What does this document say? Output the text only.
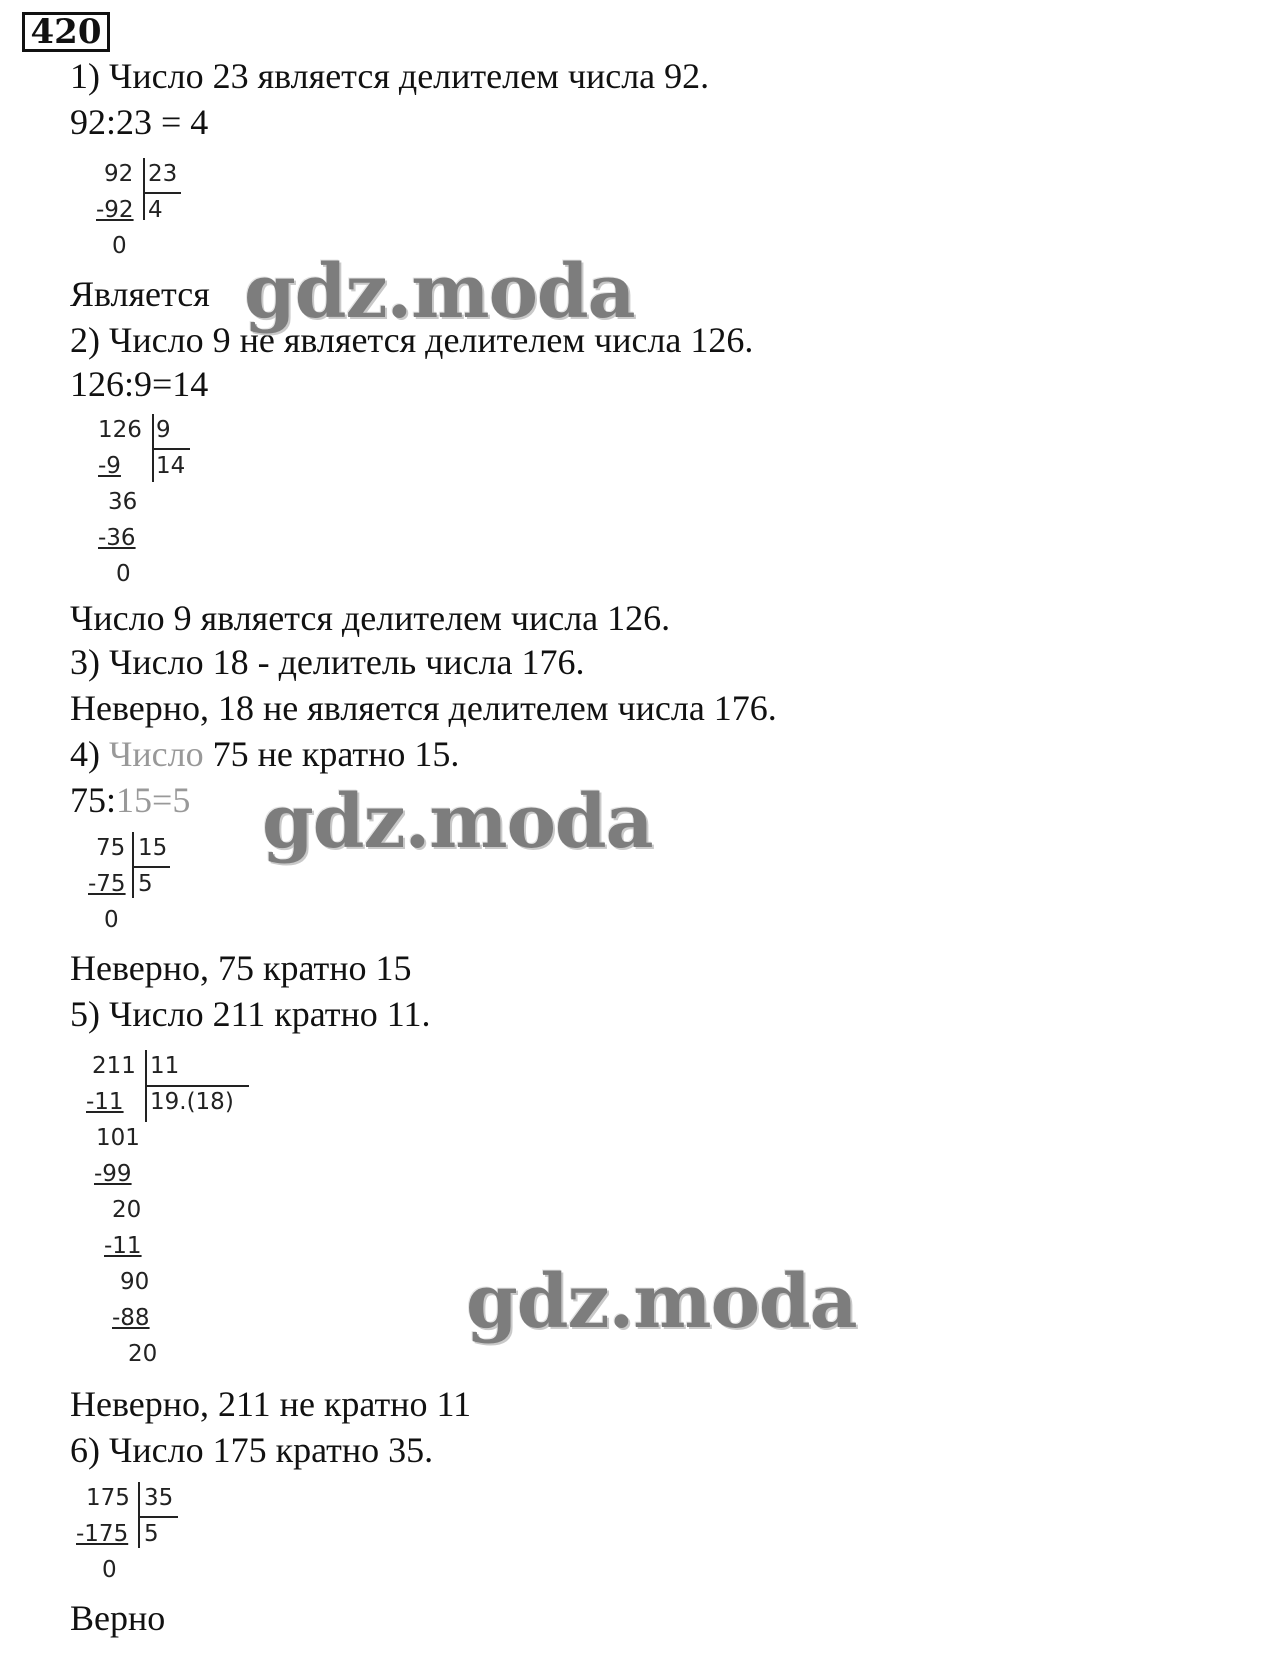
420
1) Число 23 является делителем числа 92.
92:23 = 4
92 23
-92 4
0
Является
2) Число 9 не является делителем числа 126.
126:9=14
126 9
-9 14
36
-36
0
Число 9 является делителем числа 126.
3) Число 18 - делитель числа 176.
Неверно, 18 не является делителем числа 176.
4) Число 75 не кратно 15.
75:15=5
75 15
-75 5
0
Неверно, 75 кратно 15
5) Число 211 кратно 11.
211 11
-11 19.(18)
101
-99
20
-11
90
-88
20
Неверно, 211 не кратно 11
6) Число 175 кратно 35.
175 35
-175 5
0
Верно
gdz.moda
gdz.moda
gdz.moda
